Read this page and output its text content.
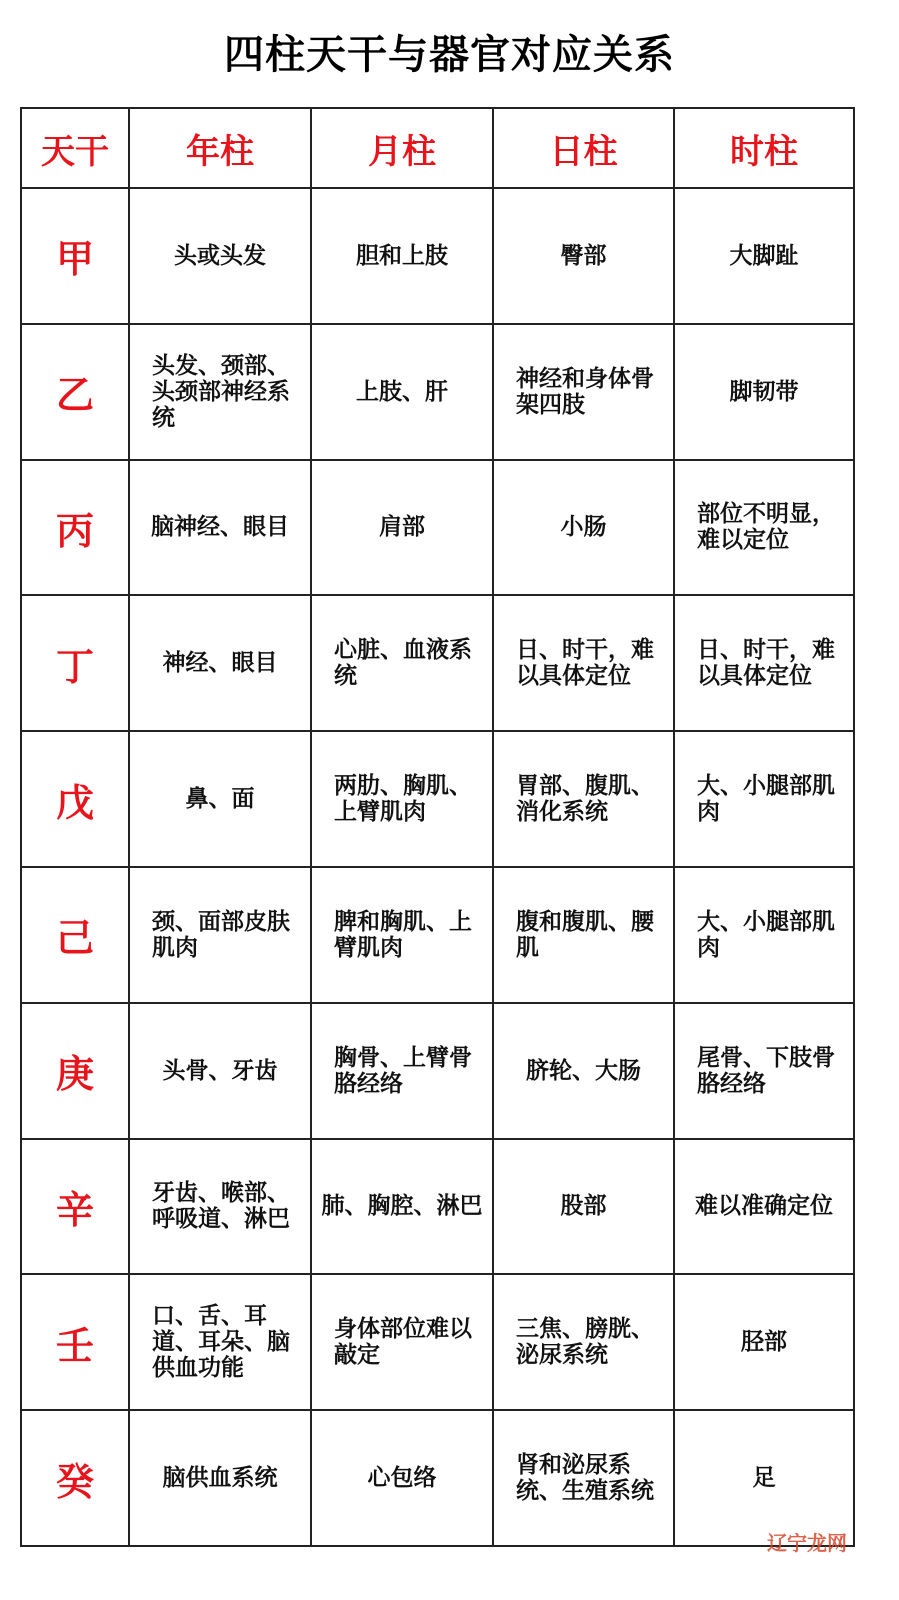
四柱天干与器官对应关系
天干	年柱	月柱	日柱	时柱
甲	头或头发	胆和上肢	臀部	大脚趾
乙	头发、颈部、头颈部神经系统	上肢、肝	神经和身体骨架四肢	脚韧带
丙	脑神经、眼目	肩部	小肠	部位不明显，难以定位
丁	神经、眼目	心脏、血液系统	日、时干，难以具体定位	日、时干，难以具体定位
戊	鼻、面	两肋、胸肌、上臂肌肉	胃部、腹肌、消化系统	大、小腿部肌肉
己	颈、面部皮肤肌肉	脾和胸肌、上臂肌肉	腹和腹肌、腰肌	大、小腿部肌肉
庚	头骨、牙齿	胸骨、上臂骨胳经络	脐轮、大肠	尾骨、下肢骨胳经络
辛	牙齿、喉部、呼吸道、淋巴	肺、胸腔、淋巴	股部	难以准确定位
壬	口、舌、耳道、耳朵、脑供血功能	身体部位难以敲定	三焦、膀胱、泌尿系统	胫部
癸	脑供血系统	心包络	肾和泌尿系统、生殖系统	足
辽宁龙网
